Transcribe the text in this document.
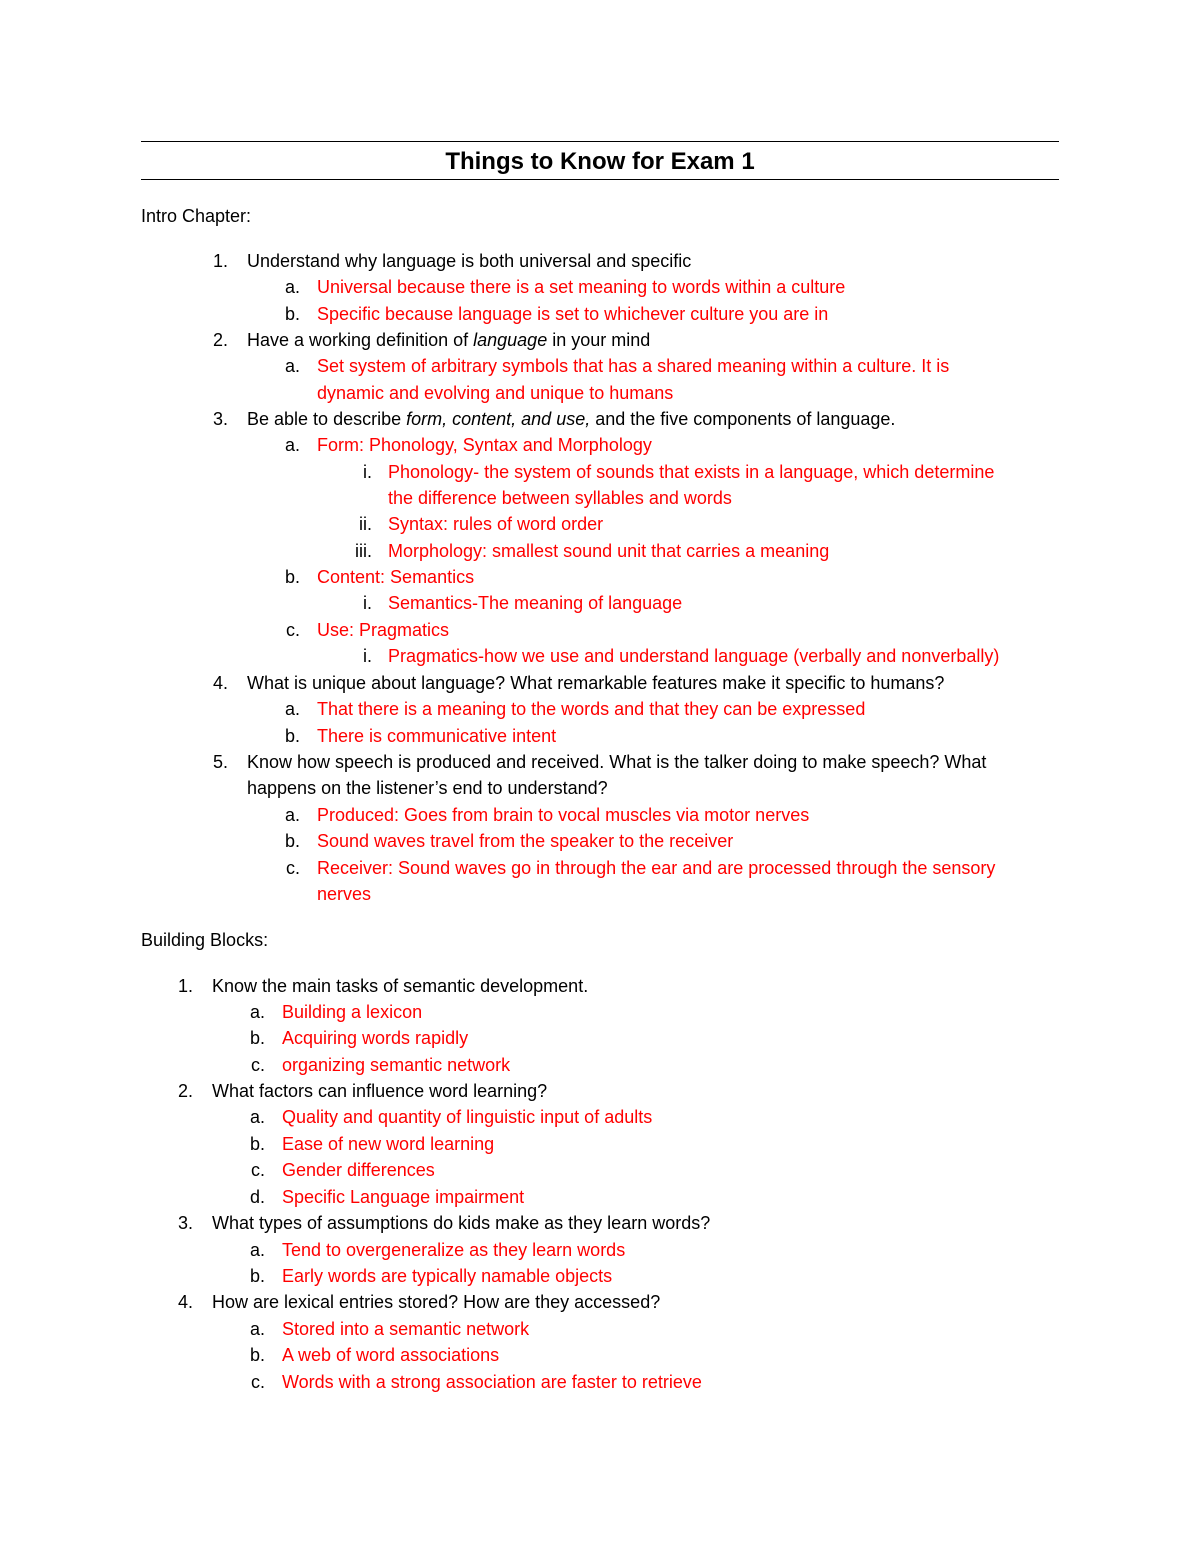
Things to Know for Exam 1
Intro Chapter:
1. Understand why language is both universal and specific
a. Universal because there is a set meaning to words within a culture
b. Specific because language is set to whichever culture you are in
2. Have a working definition of language in your mind
a. Set system of arbitrary symbols that has a shared meaning within a culture. It is
dynamic and evolving and unique to humans
3. Be able to describe form, content, and use, and the five components of language.
a. Form: Phonology, Syntax and Morphology
i. Phonology- the system of sounds that exists in a language, which determine
the difference between syllables and words
ii. Syntax: rules of word order
iii. Morphology: smallest sound unit that carries a meaning
b. Content: Semantics
i. Semantics-The meaning of language
c. Use: Pragmatics
i. Pragmatics-how we use and understand language (verbally and nonverbally)
4. What is unique about language? What remarkable features make it specific to humans?
a. That there is a meaning to the words and that they can be expressed
b. There is communicative intent
5. Know how speech is produced and received. What is the talker doing to make speech? What
happens on the listener’s end to understand?
a. Produced: Goes from brain to vocal muscles via motor nerves
b. Sound waves travel from the speaker to the receiver
c. Receiver: Sound waves go in through the ear and are processed through the sensory
nerves
Building Blocks:
1. Know the main tasks of semantic development.
a. Building a lexicon
b. Acquiring words rapidly
c. organizing semantic network
2. What factors can influence word learning?
a. Quality and quantity of linguistic input of adults
b. Ease of new word learning
c. Gender differences
d. Specific Language impairment
3. What types of assumptions do kids make as they learn words?
a. Tend to overgeneralize as they learn words
b. Early words are typically namable objects
4. How are lexical entries stored? How are they accessed?
a. Stored into a semantic network
b. A web of word associations
c. Words with a strong association are faster to retrieve
